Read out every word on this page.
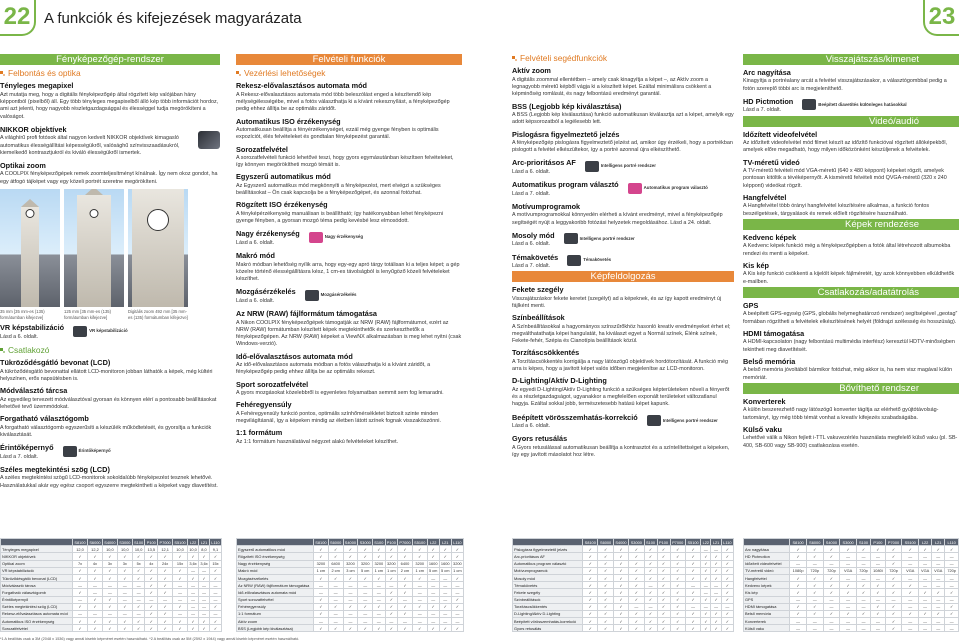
22 A funkciók és kifejezések magyarázata	23
Fényképezőgép-rendszer
Felbontás és optika
Tényleges megapixel

Azt mutatja meg, hogy a digitális fényképezőgép által rögzített kép valójában hány képpontból (pixelből) áll. Egy több tényleges megapixelből álló kép több információt hordoz, ami azt jelenti, hogy nagyobb részletgazdagsággal és élességgel tudja megörökíteni a valóságot.

NIKKOR objektívek

A világhírű profi fotósok által nagyon kedvelt NIKKOR objektívek kimagasló automatikus élességállítási képességükről, valósághű színvisszaadásukról, kiemelkedő kontrasztjukról és kiváló élességükről ismertek.

Optikai zoom

A COOLPIX fényképezőgépek remek zoomteljesítményt kínálnak. Így nem okoz gondot, ha egy átfogó tájképet vagy egy közeli portrét szeretne megörökíteni.

35 mm [35 mm-es (135) formátumban kifejezve]
125 mm [35 mm-es (135) formátumban kifejezve]
Digitális zoom 492 mm [35 mm-es (135) formátumban kifejezve]
VR képstabilizáció

Lásd a 6. oldalt.

VR képstabilizáció
Csatlakozó
Tükröződésgátló bevonat (LCD)

A tükröződésgátló bevonattal ellátott LCD-monitoron jobban láthatók a képek, még kültéri helyszínen, erős napsütésben is.

Módválasztó tárcsa

Az egyedileg tervezett módválasztóval gyorsan és könnyen elérí a pontosabb beállításokat lehetővé tevő üzemmódokat.

Forgatható választógomb

A forgatható választógomb egyszerűsíti a készülék működtetését, és gyorsítja a funkciók kiválasztását.

Érintőképernyő

Lásd a 7. oldalt.

Érintőképernyő
Széles megtekintési szög (LCD)

A széles megtekintési szögű LCD-monitorok sokoldalúbb fényképezést tesznek lehetővé. Használatukkal akár egy egész csoport egyszerre megtekintheti a képeket vagy diavetítést.

Felvételi funkciók
Vezérlési lehetőségek
Rekesz-elővalasztásos automata mód

A Rekesz-elővalasztásos automata mód több beleszólást enged a készítendő kép mélységélességébe, mivel a fotós választhatja ki a kívánt rekesznyílást, a fényképezőgép pedig ehhez állítja be az optimális záridőt.

Automatikus ISO érzékenység

Automatikusan beállítja a fényérzékenységet, ezzál még gyenge fényben is optimális expozíciót, élés felvételeket és gondtalan fényképezést garantál.

Sorozatfelvétel

A sorozatfelvételi funkció lehetővé teszi, hogy gyors egymásutánban készítsen felvételeket, így könnyen megörökítheti mozgó témáit is.

Egyszerű automatikus mód

Az Egyszerű automatikus mód megkönnyíti a fényképezést, mert elvégzi a szükséges beállításokat – Ön csak kapcsolja be a fényképezőgépet, és azonnal fotózhat.

Rögzített ISO érzékenység

A fényképérzékenység manuálisan is beállítható; így hatékonyabban lehet fényképezni gyenge fényben, a gyorsan mozgó téma pedig kevésbé lesz elmosódott.

Nagy érzékenység

Lásd a 6. oldalt.

Nagy érzékenység
Makró mód

Makró módban lehetőség nyílik arra, hogy egy-egy apró tárgy totálisan ki a teljes képet; a gép közelre történő élességállításra kész, 1 cm-es távolságból is lenyűgöző közeli felvételeket készíthet.

Mozgásérzékelés

Lásd a 6. oldalt.

Mozgásérzékelés
Az NRW (RAW) fájlformátum támogatása

A Nikon COOLPIX fényképezőgépek támogatják az NRW (RAW) fájlformátumot, ezért az NRW (RAW) formátumban készített képek megtekinthetők és szerkeszthetők a fényképezőgépen. Az NRW (RAW) képeket a ViewNX alkalmazásban is meg lehet nyitni (csak Windows-verzió).

Idő-elővalasztásos automata mód

Az idő-elővalasztásos automata módban a fotós választhatja ki a kívánt záridőt, a fényképezőgép pedig ehhez állítja be az optimális rekeszt.

Sport sorozatfelvétel

A gyors mozgásokat közelebbről is egyenletes folyamatban semmit sem fog lemaradni.

Fehéregyensúly

A Fehéregyensúly funkció pontos, optimális színhőmérsékletet biztosít szinte minden megvilágításnál, így a képeken mindig az életben látott színek fognak visszaköszönni.

1:1 formátum

Az 1:1 formátum használatával négyzet alakú felvételeket készíthet.

Felvételi segédfunkciók
Aktív zoom

A digitális zoommal ellentétben – amely csak kinagyítja a képet –, az Aktív zoom a legnagyobb méretű képből vágja ki a készített képet. Ezáltal minimálisra csökkent a képminőség romlását, és nagy felbontású eredményt garantál.

BSS (Legjobb kép kiválasztása)

A BSS (Legjobb kép kiválasztása) funkció automatikusan kiválasztja azt a képet, amelyik egy adott képsorozatból a legélesebb lett.

Pislogásra figyelmeztető jelzés

A fényképezőgép pislogásra figyelmeztető jelzést ad, amikor úgy érzékeli, hogy a portrékban pislogott a felvétel elkészültekor, így a portré azonnal újra elkészíthető.

Arc-prioritásos AF

Lásd a 6. oldalt.

Intelligens portré rendszer
Automatikus program választó

Lásd a 7. oldalt.

Automatikus program választó
Motívumprogramok

A motívumprogramokkal könnyedén elérheti a kívánt eredményt, mivel a fényképezőgép segítségét nyújt a leggyakoribb fotózási helyzetek megoldásához. Lásd a 24. oldalt.

Mosoly mód

Lásd a 6. oldalt.

Intelligens portré rendszer
Témakövetés

Lásd a 7. oldalt.

Témakövetés
Képfeldolgozás
Fekete szegély

Visszajátszáskor fekete keretet (szegélyt) ad a képeknek, és az így kapott eredményt új fájlként menti.

Színbeállítások

A Színbeállításokkal a hagyományos színszűrőkhöz hasonló kreatív eredményeket érhet el; megválthatathatja képei hangulatát, ha kiválaszt egyet a Normál színek, Élénk színek, Fekete-fehér, Szépia és Cianotípia beállítások közül.

Torzításcsökkentés

A Torzításcsökkentés korrigálja a nagy látószögű objektívek hordótorzítását. A funkció még arra is képes, hogy a javított képet valós időben megjelenítse az LCD-monitoron.

D-Lighting/Aktív D-Lighting

Az egyedi D-Lighting/Aktív D-Lighting funkció a szükséges képterületeken növeli a fényerőt és a részletgazdagságot, ugyanakkor a megfelelően exponált területeket változatlanul hagyja. Ezáltal sokkal jobb, természetesebb hatású képet kapunk.

Beépített vörösszemhatás-korrekció

Lásd a 6. oldalt.

Intelligens portré rendszer
Gyors retusálás

A Gyors retusálással automatikusan beállítja a kontrasztot és a színtelítettséget a képeken, így egy javított másolatot hoz létre.

Visszajátszás/kimenet
Arc nagyítása

Kinagyítja a portréalany arcát a felvétel visszajátszásakor, a választógombbal pedig a fotón szereplő többi arc is megjeleníthető.

HD Pictmotion

Lásd a 7. oldalt.

Beépített diavetítés különleges hatásokkal
Videó/audió
Időzített videofelvétel

Az időzített videofelvétel mód filmet készít az időzítő funkcióval rögzített állóképekből, amelyek előre megadható, hogy milyen időközönként készüljenek a felvételek.

TV-méretű videó

A TV-méretű felvételi mód VGA-méretű (640 x 480 képpont) képeket rögzít, amelyek pontosan kitöltik a tévéképernyőt. A kisméretű felvételi mód QVGA-méretű (320 x 240 képpont) videókat rögzít.

Hangfelvétel

A Hangfelvétel több órányi hangfelvétel készítésére alkalmas, a funkció fontos beszélgetések, tárgyalások és remek előlelt rögzítésére használható.

Képek rendezése
Kedvenc képek

A Kedvenc képek funkció még a fényképezőgépben a fotók által létrehozott albumokba rendezi és menti a képeket.

Kis kép

A Kis kép funkció csökkenti a kijelölt képek fájlméretét, így azok könnyebben elküldhetők e-mailben.

Csatlakozás/adatátrolás
GPS

A beépített GPS-egység (GPS, globális helymeghatározó rendszer) segítségével „geotag” formában rögzítheti a felvételek elkészítésének helyét (földrajzi szélesség és hosszúság).

HDMI támogatása

A HDMI-kapcsolaton (nagy felbontású multimédia interfész) keresztül HDTV-minőségben tekintheti meg diavetítését.

Belső memória

A belső memória jóvoltából bármikor fotózhat, még akkor is, ha nem visz magával külön memóriát.

Bővíthető rendszer
Konverterek

A külön beszerezhető nagy látószögű konverter tágítja az elérhető gyújtótávolság-tartományt, így még több témát vonhat a kreatív kifejezés szabadságába.

Külső vaku

Lehetővé válik a Nikon fejlett i-TTL vakuvezérlés használata megfelelő külső vaku (pl. SB-400, SB-600 vagy SB-900) csatlakozása esetén.

	S8100	S6000	S4000	S3000	S100	P100	P7000	S5100	L22	L21	L110
Tényleges megapixel	12,0	12,2	10,0	10,0	10,0	13,5	12,1	10,0	10,0	8,0	9,1
NIKKOR objektívek	✓	✓	✓	✓	✓	✓	✓	✓	✓	✓	✓
Optikai zoom	7x	4x	3x	3x	5x	4x	24x	15x	3,6x	3,6x	15x
VR képstabilizáció	✓	✓	✓	✓	✓	✓	✓	✓	—	—	✓
Tükröződésgátló bevonat (LCD)	✓	✓	✓	✓	✓	✓	✓	✓	✓	✓	✓
Módválasztó tárcsa	—	—	—	—	—	✓	✓	—	—	—	—
Forgatható választógomb	✓	—	—	—	—	✓	✓	—	—	—	—
Érintőképernyő	—	✓	✓	—	—	—	—	—	—	—	—
Széles megtekintési szög (LCD)	✓	✓	✓	✓	✓	✓	✓	✓	—	—	✓
Rekesz-elővalasztásos automata mód	—	—	—	—	—	✓	✓	—	—	—	—
Automatikus ISO érzékenység	✓	✓	✓	✓	✓	✓	✓	✓	✓	✓	✓
Sorozatfelvétel	✓	✓	✓	✓	✓	✓	✓	✓	✓	✓	✓
	S8100	S6000	S4000	S3000	S100	P100	P7000	S5100	L22	L21	L110
Egyszerű automatikus mód	✓	✓	✓	✓	✓	✓	✓	✓	✓	✓	✓
Rögzített ISO érzékenység	✓	✓	✓	✓	✓	✓	✓	✓	✓	✓	✓
Nagy érzékenység	3200	6400	3200	3200	3200	3200	6400	3200	1600	1600	3200
Makró mód	1 cm	2 cm	3 cm	5 cm	1 cm	1 cm	2 cm	1 cm	5 cm	5 cm	1 cm
Mozgásérzékelés	✓	✓	✓	✓	✓	✓	✓	✓	—	—	✓
Az NRW (RAW) fájlformátum támogatása	—	—	—	—	—	—	✓	—	—	—	—
Idő-elővalasztásos automata mód	—	—	—	—	—	✓	✓	—	—	—	—
Sport sorozatfelvétel	✓	—	—	—	—	✓	—	—	—	—	✓
Fehéregyensúly	✓	✓	✓	✓	✓	✓	✓	✓	✓	✓	✓
1:1 formátum	✓	—	—	—	—	✓	✓	—	—	—	—
Aktív zoom	—	—	—	—	—	—	—	—	—	—	—
BSS (Legjobb kép kiválasztása)	✓	✓	✓	✓	✓	✓	✓	✓	✓	✓	✓
	S8100	S6000	S4000	S3000	S100	P100	P7000	S5100	L22	L21	L110
Pislogásra figyelmeztető jelzés	✓	✓	✓	✓	✓	✓	✓	✓	—	—	✓
Arc-prioritásos AF	✓	✓	✓	✓	✓	✓	✓	✓	✓	✓	✓
Automatikus program választó	✓	✓	✓	✓	✓	✓	✓	✓	✓	✓	✓
Motívumprogramok	✓	✓	✓	✓	✓	✓	✓	✓	✓	✓	✓
Mosoly mód	✓	✓	✓	✓	✓	✓	✓	✓	✓	✓	✓
Témakövetés	✓	✓	✓	✓	—	✓	✓	—	—	—	✓
Fekete szegély	✓	✓	✓	✓	✓	✓	✓	✓	—	—	✓
Színbeállítások	✓	✓	✓	✓	✓	✓	✓	✓	✓	✓	✓
Torzításcsökkentés	✓	✓	✓	—	—	✓	✓	—	—	—	—
D-Lighting/Aktív D-Lighting	✓	✓	✓	✓	✓	✓	✓	✓	✓	✓	✓
Beépített vörösszemhatás-korrekció	✓	✓	✓	✓	✓	✓	✓	✓	✓	✓	✓
Gyors retusálás	✓	✓	✓	✓	✓	✓	✓	✓	✓	✓	✓
	S8100	S6000	S4000	S3000	S100	P100	P7000	S5100	L22	L21	L110
Arc nagyítása	✓	✓	✓	✓	✓	✓	✓	✓	✓	✓	✓
HD Pictmotion	✓	✓	✓	—	—	—	✓	—	—	—	—
Időzített videofelvétel	—	—	—	—	—	—	✓	—	—	—	—
TV-méretű videó	1080p	720p	720p	VGA	720p	1080i	720p	VGA	VGA	VGA	720p
Hangfelvétel	✓	✓	✓	—	—	—	✓	—	—	—	—
Kedvenc képek	✓	✓	✓	✓	✓	✓	✓	✓	—	—	—
Kis kép	✓	✓	✓	✓	✓	✓	✓	✓	✓	✓	✓
GPS	—	—	—	—	—	—	—	—	—	—	—
HDMI támogatása	✓	✓	—	—	—	✓	✓	—	—	—	✓
Belső memória	✓	✓	✓	✓	✓	✓	✓	✓	✓	✓	✓
Konverterek	—	—	—	—	—	—	✓	—	—	—	—
Külső vaku	—	—	—	—	—	—	✓	—	—	—	—
*1 A beállítás csak a 3M (2048 x 1536) vagy annál kisebb képméret esetén használható. *2 A beállítás csak az 5M (2592 x 1944) vagy annál kisebb képméret esetén használható.
